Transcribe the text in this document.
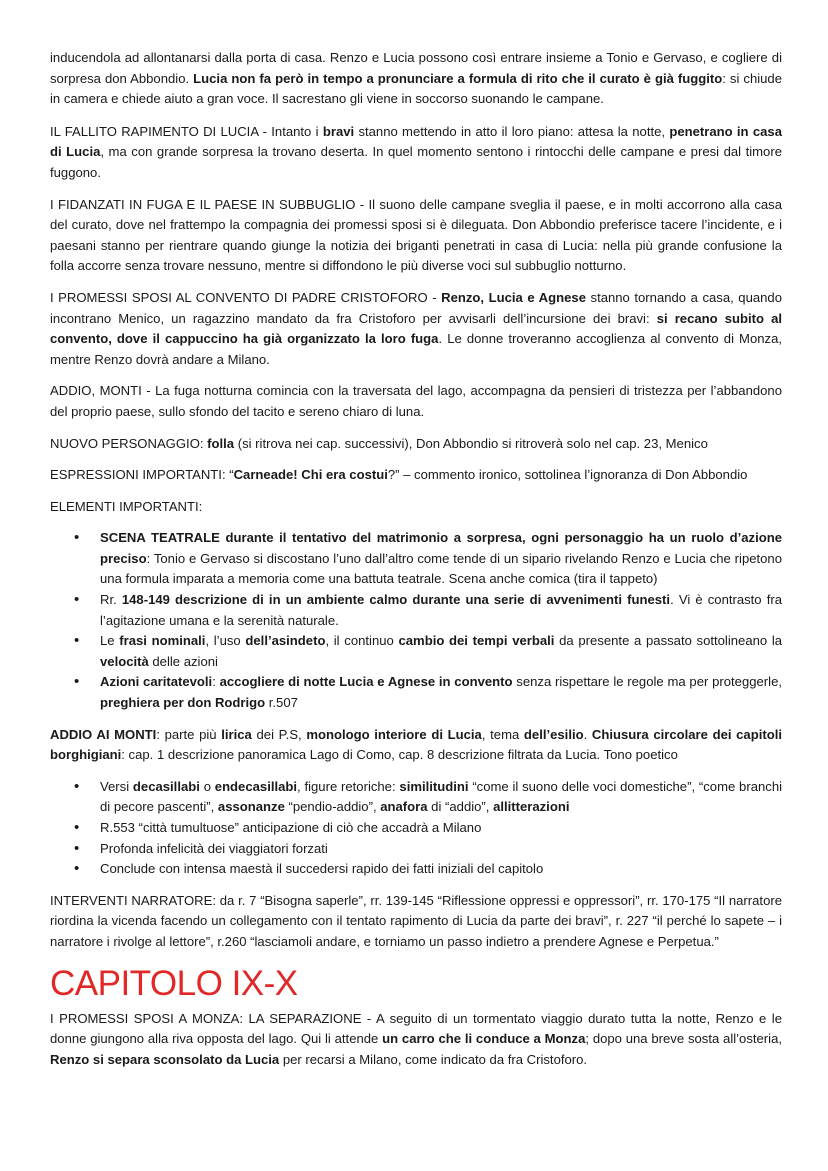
inducendola ad allontanarsi dalla porta di casa. Renzo e Lucia possono così entrare insieme a Tonio e Gervaso, e cogliere di sorpresa don Abbondio. Lucia non fa però in tempo a pronunciare a formula di rito che il curato è già fuggito: si chiude in camera e chiede aiuto a gran voce. Il sacrestano gli viene in soccorso suonando le campane.

IL FALLITO RAPIMENTO DI LUCIA - Intanto i bravi stanno mettendo in atto il loro piano: attesa la notte, penetrano in casa di Lucia, ma con grande sorpresa la trovano deserta. In quel momento sentono i rintocchi delle campane e presi dal timore fuggono.

I FIDANZATI IN FUGA E IL PAESE IN SUBBUGLIO - Il suono delle campane sveglia il paese, e in molti accorrono alla casa del curato, dove nel frattempo la compagnia dei promessi sposi si è dileguata. Don Abbondio preferisce tacere l’incidente, e i paesani stanno per rientrare quando giunge la notizia dei briganti penetrati in casa di Lucia: nella più grande confusione la folla accorre senza trovare nessuno, mentre si diffondono le più diverse voci sul subbuglio notturno.

I PROMESSI SPOSI AL CONVENTO DI PADRE CRISTOFORO - Renzo, Lucia e Agnese stanno tornando a casa, quando incontrano Menico, un ragazzino mandato da fra Cristoforo per avvisarli dell’incursione dei bravi: si recano subito al convento, dove il cappuccino ha già organizzato la loro fuga. Le donne troveranno accoglienza al convento di Monza, mentre Renzo dovrà andare a Milano.

ADDIO, MONTI - La fuga notturna comincia con la traversata del lago, accompagna da pensieri di tristezza per l’abbandono del proprio paese, sullo sfondo del tacito e sereno chiaro di luna.

NUOVO PERSONAGGIO: folla (si ritrova nei cap. successivi), Don Abbondio si ritroverà solo nel cap. 23, Menico

ESPRESSIONI IMPORTANTI: “Carneade! Chi era costui?” – commento ironico, sottolinea l’ignoranza di Don Abbondio

ELEMENTI IMPORTANTI:

• SCENA TEATRALE durante il tentativo del matrimonio a sorpresa, ogni personaggio ha un ruolo d’azione preciso: Tonio e Gervaso si discostano l’uno dall’altro come tende di un sipario rivelando Renzo e Lucia che ripetono una formula imparata a memoria come una battuta teatrale. Scena anche comica (tira il tappeto)
• Rr. 148-149 descrizione di in un ambiente calmo durante una serie di avvenimenti funesti. Vi è contrasto fra l’agitazione umana e la serenità naturale.
• Le frasi nominali, l’uso dell’asindeto, il continuo cambio dei tempi verbali da presente a passato sottolineano la velocità delle azioni
• Azioni caritatevoli: accogliere di notte Lucia e Agnese in convento senza rispettare le regole ma per proteggerle, preghiera per don Rodrigo r.507

ADDIO AI MONTI: parte più lirica dei P.S, monologo interiore di Lucia, tema dell’esilio. Chiusura circolare dei capitoli borghigiani: cap. 1 descrizione panoramica Lago di Como, cap. 8 descrizione filtrata da Lucia. Tono poetico

• Versi decasillabi o endecasillabi, figure retoriche: similitudini “come il suono delle voci domestiche”, “come branchi di pecore pascenti”, assonanze “pendio-addio”, anafora di “addio”, allitterazioni
• R.553 “città tumultuose” anticipazione di ciò che accadrà a Milano
• Profonda infelicità dei viaggiatori forzati
• Conclude con intensa maestà il succedersi rapido dei fatti iniziali del capitolo

INTERVENTI NARRATORE: da r. 7 “Bisogna saperle”, rr. 139-145 “Riflessione oppressi e oppressori”, rr. 170-175 “Il narratore riordina la vicenda facendo un collegamento con il tentato rapimento di Lucia da parte dei bravi”, r. 227 “il perché lo sapete – i narratore i rivolge al lettore”, r.260 “lasciamoli andare, e torniamo un passo indietro a prendere Agnese e Perpetua.”

CAPITOLO IX-X

I PROMESSI SPOSI A MONZA: LA SEPARAZIONE - A seguito di un tormentato viaggio durato tutta la notte, Renzo e le donne giungono alla riva opposta del lago. Qui li attende un carro che li conduce a Monza; dopo una breve sosta all’osteria, Renzo si separa sconsolato da Lucia per recarsi a Milano, come indicato da fra Cristoforo.
